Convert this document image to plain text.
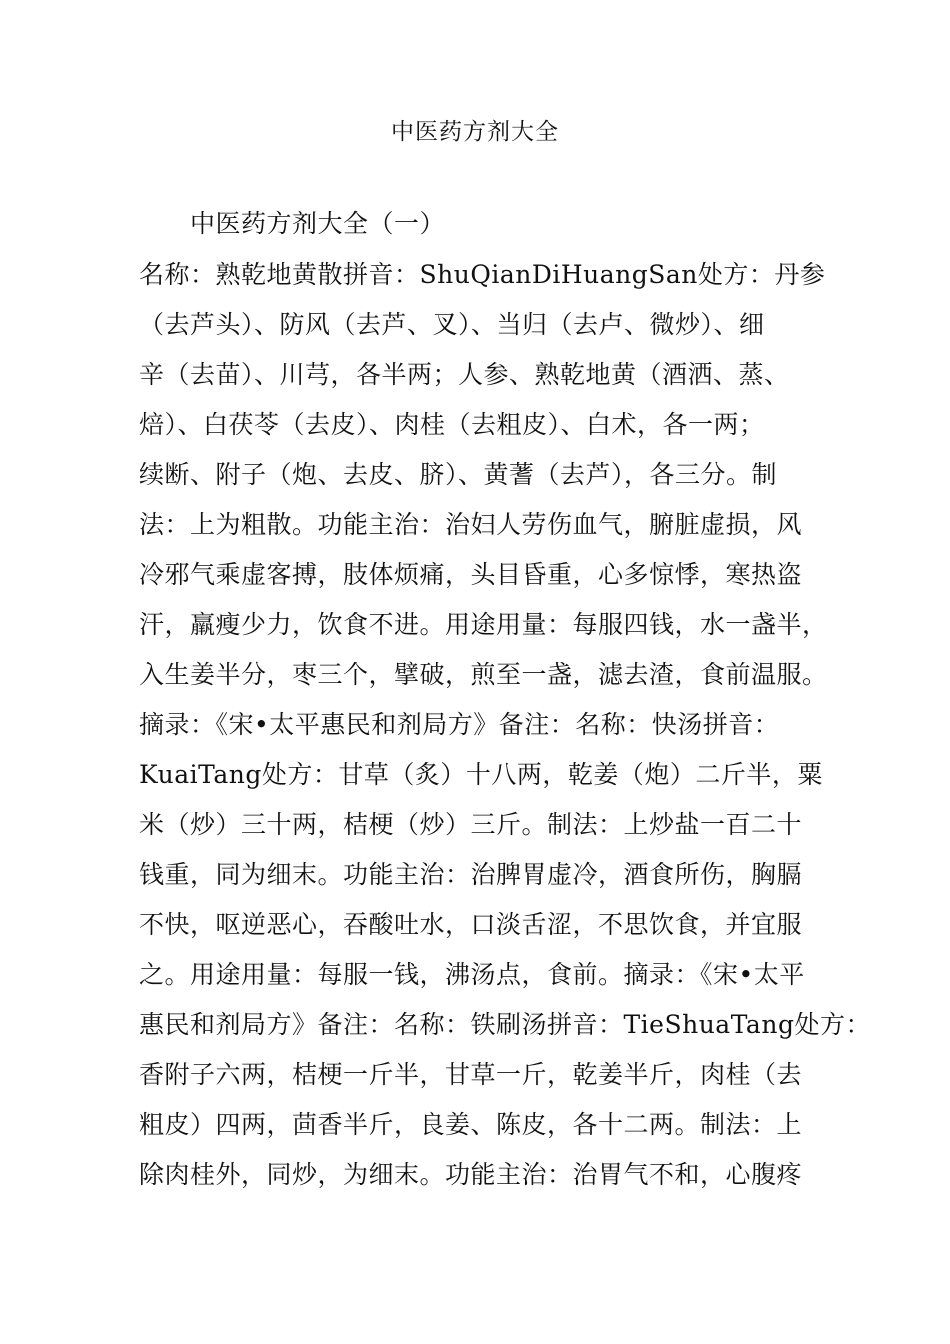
中医药方剂大全
中医药方剂大全（一）
名称：熟乾地黄散拼音：ShuQianDiHuangSan处方：丹参
（去芦头）、防风（去芦、叉）、当归（去卢、微炒）、细
辛（去苗）、川芎，各半两；人参、熟乾地黄（酒洒、蒸、
焙）、白茯苓（去皮）、肉桂（去粗皮）、白术，各一两；
续断、附子（炮、去皮、脐）、黄蓍（去芦），各三分。制
法：上为粗散。功能主治：治妇人劳伤血气，腑脏虚损，风
冷邪气乘虚客搏，肢体烦痛，头目昏重，心多惊悸，寒热盗
汗，羸瘦少力，饮食不进。用途用量：每服四钱，水一盏半，
入生姜半分，枣三个，擘破，煎至一盏，滤去渣，食前温服。
摘录：《宋•太平惠民和剂局方》备注：名称：快汤拼音：
KuaiTang处方：甘草（炙）十八两，乾姜（炮）二斤半，粟
米（炒）三十两，桔梗（炒）三斤。制法：上炒盐一百二十
钱重，同为细末。功能主治：治脾胃虚冷，酒食所伤，胸膈
不快，呕逆恶心，吞酸吐水，口淡舌涩，不思饮食，并宜服
之。用途用量：每服一钱，沸汤点，食前。摘录：《宋•太平
惠民和剂局方》备注：名称：铁刷汤拼音：TieShuaTang处方：
香附子六两，桔梗一斤半，甘草一斤，乾姜半斤，肉桂（去
粗皮）四两，茴香半斤，良姜、陈皮，各十二两。制法：上
除肉桂外，同炒，为细末。功能主治：治胃气不和，心腹疼
